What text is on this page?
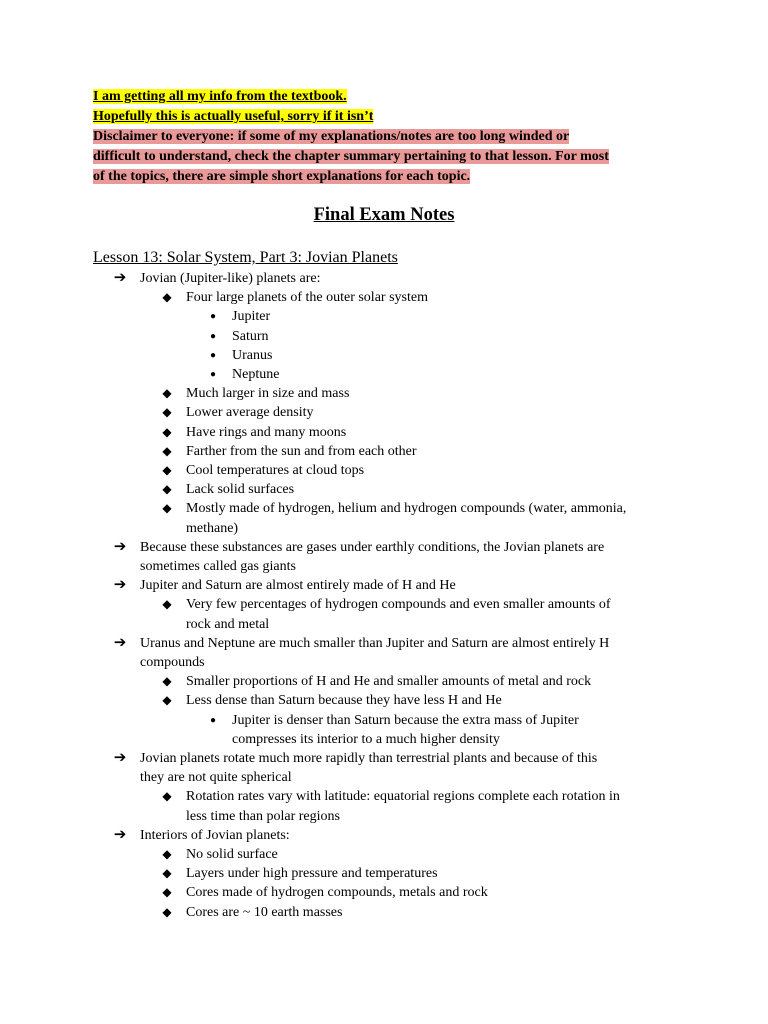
I am getting all my info from the textbook.
Hopefully this is actually useful, sorry if it isn’t
Disclaimer to everyone: if some of my explanations/notes are too long winded or
difficult to understand, check the chapter summary pertaining to that lesson. For most
of the topics, there are simple short explanations for each topic.
Final Exam Notes
Lesson 13: Solar System, Part 3: Jovian Planets
➔ Jovian (Jupiter-like) planets are:
◆	Four large planets of the outer solar system
●	Jupiter
●	Saturn
●	Uranus
●	Neptune
◆	Much larger in size and mass
◆	Lower average density
◆	Have rings and many moons
◆	Farther from the sun and from each other
◆	Cool temperatures at cloud tops
◆	Lack solid surfaces
◆	Mostly made of hydrogen, helium and hydrogen compounds (water, ammonia,
methane)
➔ Because these substances are gases under earthly conditions, the Jovian planets are
sometimes called gas giants
➔ Jupiter and Saturn are almost entirely made of H and He
◆	Very few percentages of hydrogen compounds and even smaller amounts of
rock and metal
➔ Uranus and Neptune are much smaller than Jupiter and Saturn are almost entirely H
compounds
◆	Smaller proportions of H and He and smaller amounts of metal and rock
◆	Less dense than Saturn because they have less H and He
●	Jupiter is denser than Saturn because the extra mass of Jupiter
compresses its interior to a much higher density
➔ Jovian planets rotate much more rapidly than terrestrial plants and because of this
they are not quite spherical
◆	Rotation rates vary with latitude: equatorial regions complete each rotation in
less time than polar regions
➔ Interiors of Jovian planets:
◆	No solid surface
◆	Layers under high pressure and temperatures
◆	Cores made of hydrogen compounds, metals and rock
◆	Cores are ~ 10 earth masses
